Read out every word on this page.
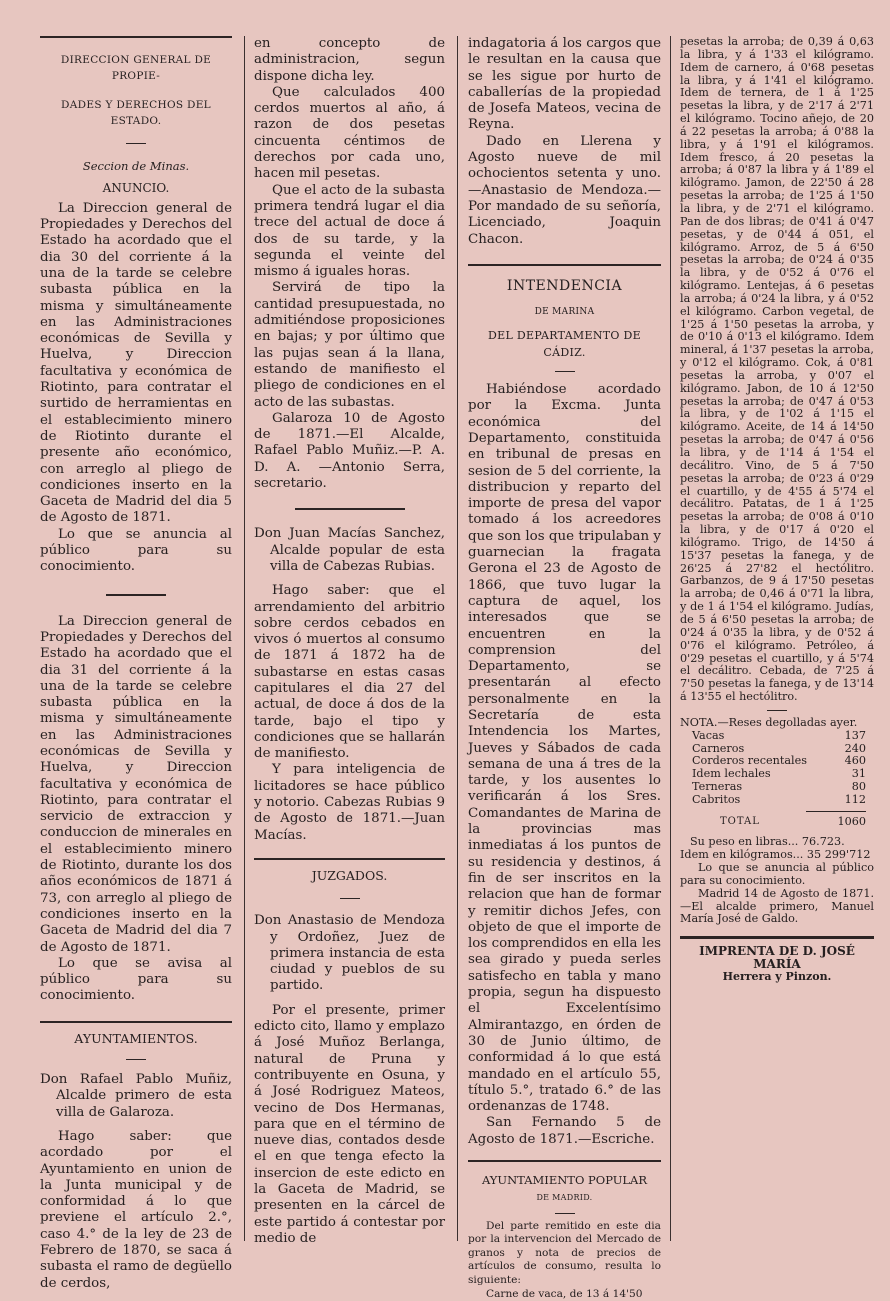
DIRECCION GENERAL DE PROPIE-

DADES Y DERECHOS DEL ESTADO.

Seccion de Minas.

ANUNCIO.

La Direccion general de Propiedades y Derechos del Estado ha acordado que el dia 30 del corriente á la una de la tarde se celebre subasta pública en la misma y simultáneamente en las Administraciones económicas de Sevilla y Huelva, y Direccion facultativa y económica de Riotinto, para contratar el surtido de herramientas en el establecimiento minero de Riotinto durante el presente año económico, con arreglo al pliego de condiciones inserto en la Gaceta de Madrid del dia 5 de Agosto de 1871.

Lo que se anuncia al público para su conocimiento.

La Direccion general de Propiedades y Derechos del Estado ha acordado que el dia 31 del corriente á la una de la tarde se celebre subasta pública en la misma y simultáneamente en las Administraciones económicas de Sevilla y Huelva, y Direccion facultativa y económica de Riotinto, para contratar el servicio de extraccion y conduccion de minerales en el establecimiento minero de Riotinto, durante los dos años económicos de 1871 á 73, con arreglo al pliego de condiciones inserto en la Gaceta de Madrid del dia 7 de Agosto de 1871.

Lo que se avisa al público para su conocimiento.

AYUNTAMIENTOS.

Don Rafael Pablo Muñiz, Alcalde primero de esta villa de Galaroza.

Hago saber: que acordado por el Ayuntamiento en union de la Junta municipal y de conformidad á lo que previene el artículo 2.°, caso 4.° de la ley de 23 de Febrero de 1870, se saca á subasta el ramo de degüello de cerdos,

en concepto de administracion, segun dispone dicha ley.

Que calculados 400 cerdos muertos al año, á razon de dos pesetas cincuenta céntimos de derechos por cada uno, hacen mil pesetas.

Que el acto de la subasta primera tendrá lugar el dia trece del actual de doce á dos de su tarde, y la segunda el veinte del mismo á iguales horas.

Servirá de tipo la cantidad presupuestada, no admitiéndose proposiciones en bajas; y por último que las pujas sean á la llana, estando de manifiesto el pliego de condiciones en el acto de las subastas.

Galaroza 10 de Agosto de 1871.—El Alcalde, Rafael Pablo Muñiz.—P. A. D. A. —Antonio Serra, secretario.

Don Juan Macías Sanchez, Alcalde popular de esta villa de Cabezas Rubias.

Hago saber: que el arrendamiento del arbitrio sobre cerdos cebados en vivos ó muertos al consumo de 1871 á 1872 ha de subastarse en estas casas capitulares el dia 27 del actual, de doce á dos de la tarde, bajo el tipo y condiciones que se hallarán de manifiesto.

Y para inteligencia de licitadores se hace público y notorio. Cabezas Rubias 9 de Agosto de 1871.—Juan Macías.

JUZGADOS.

Don Anastasio de Mendoza y Ordoñez, Juez de primera instancia de esta ciudad y pueblos de su partido.

Por el presente, primer edicto cito, llamo y emplazo á José Muñoz Berlanga, natural de Pruna y contribuyente en Osuna, y á José Rodriguez Mateos, vecino de Dos Hermanas, para que en el término de nueve dias, contados desde el en que tenga efecto la insercion de este edicto en la Gaceta de Madrid, se presenten en la cárcel de este partido á contestar por medio de

indagatoria á los cargos que le resultan en la causa que se les sigue por hurto de caballerías de la propiedad de Josefa Mateos, vecina de Reyna.

Dado en Llerena y Agosto nueve de mil ochocientos setenta y uno.—Anastasio de Mendoza.—Por mandado de su señoría, Licenciado, Joaquin Chacon.

INTENDENCIA

DE MARINA

DEL DEPARTAMENTO DE CÁDIZ.

Habiéndose acordado por la Excma. Junta económica del Departamento, constituida en tribunal de presas en sesion de 5 del corriente, la distribucion y reparto del importe de presa del vapor tomado á los acreedores que son los que tripulaban y guarnecian la fragata Gerona el 23 de Agosto de 1866, que tuvo lugar la captura de aquel, los interesados que se encuentren en la comprension del Departamento, se presentarán al efecto personalmente en la Secretaría de esta Intendencia los Martes, Jueves y Sábados de cada semana de una á tres de la tarde, y los ausentes lo verificarán á los Sres. Comandantes de Marina de la provincias mas inmediatas á los puntos de su residencia y destinos, á fin de ser inscritos en la relacion que han de formar y remitir dichos Jefes, con objeto de que el importe de los comprendidos en ella les sea girado y pueda serles satisfecho en tabla y mano propia, segun ha dispuesto el Excelentísimo Almirantazgo, en órden de 30 de Junio último, de conformidad á lo que está mandado en el artículo 55, título 5.°, tratado 6.° de las ordenanzas de 1748.

San Fernando 5 de Agosto de 1871.—Escriche.

AYUNTAMIENTO POPULAR

DE MADRID.

Del parte remitido en este dia por la intervencion del Mercado de granos y nota de precios de artículos de consumo, resulta lo siguiente:

Carne de vaca, de 13 á 14'50

pesetas la arroba; de 0,39 á 0,63 la libra, y á 1'33 el kilógramo. Idem de carnero, á 0'68 pesetas la libra, y á 1'41 el kilógramo. Idem de ternera, de 1 á 1'25 pesetas la libra, y de 2'17 á 2'71 el kilógramo. Tocino añejo, de 20 á 22 pesetas la arroba; á 0'88 la libra, y á 1'91 el kilógramos. Idem fresco, á 20 pesetas la arroba; á 0'87 la libra y á 1'89 el kilógramo. Jamon, de 22'50 á 28 pesetas la arroba; de 1'25 á 1'50 la libra, y de 2'71 el kilógramo. Pan de dos libras; de 0'41 á 0'47 pesetas, y de 0'44 á 051, el kilógramo. Arroz, de 5 á 6'50 pesetas la arroba; de 0'24 á 0'35 la libra, y de 0'52 á 0'76 el kilógramo. Lentejas, á 6 pesetas la arroba; á 0'24 la libra, y á 0'52 el kilógramo. Carbon vegetal, de 1'25 á 1'50 pesetas la arroba, y de 0'10 á 0'13 el kilógramo. Idem mineral, á 1'37 pesetas la arroba, y 0'12 el kilógramo. Cok, á 0'81 pesetas la arroba, y 0'07 el kilógramo. Jabon, de 10 á 12'50 pesetas la arroba; de 0'47 á 0'53 la libra, y de 1'02 á 1'15 el kilógramo. Aceite, de 14 á 14'50 pesetas la arroba; de 0'47 á 0'56 la libra, y de 1'14 á 1'54 el decálitro. Vino, de 5 á 7'50 pesetas la arroba; de 0'23 á 0'29 el cuartillo, y de 4'55 á 5'74 el decálitro. Patatas, de 1 á 1'25 pesetas la arroba; de 0'08 á 0'10 la libra, y de 0'17 á 0'20 el kilógramo. Trigo, de 14'50 á 15'37 pesetas la fanega, y de 26'25 á 27'82 el hectólitro. Garbanzos, de 9 á 17'50 pesetas la arroba; de 0,46 á 0'71 la libra, y de 1 á 1'54 el kilógramo. Judías, de 5 á 6'50 pesetas la arroba; de 0'24 á 0'35 la libra, y de 0'52 á 0'76 el kilógramo. Petróleo, á 0'29 pesetas el cuartillo, y á 5'74 el decálitro. Cebada, de 7'25 á 7'50 pesetas la fanega, y de 13'14 á 13'55 el hectólitro.

NOTA.—Reses degolladas ayer.

Vacas	137
Carneros	240
Corderos recentales	460
Idem lechales	31
Terneras	80
Cabritos	112
TOTAL	1060

Su peso en libras... 76.723.

Idem en kilógramos... 35 299'712

Lo que se anuncia al público para su conocimiento.

Madrid 14 de Agosto de 1871. —El alcalde primero, Manuel María José de Galdo.

IMPRENTA DE D. JOSÉ MARÍA

Herrera y Pinzon.
